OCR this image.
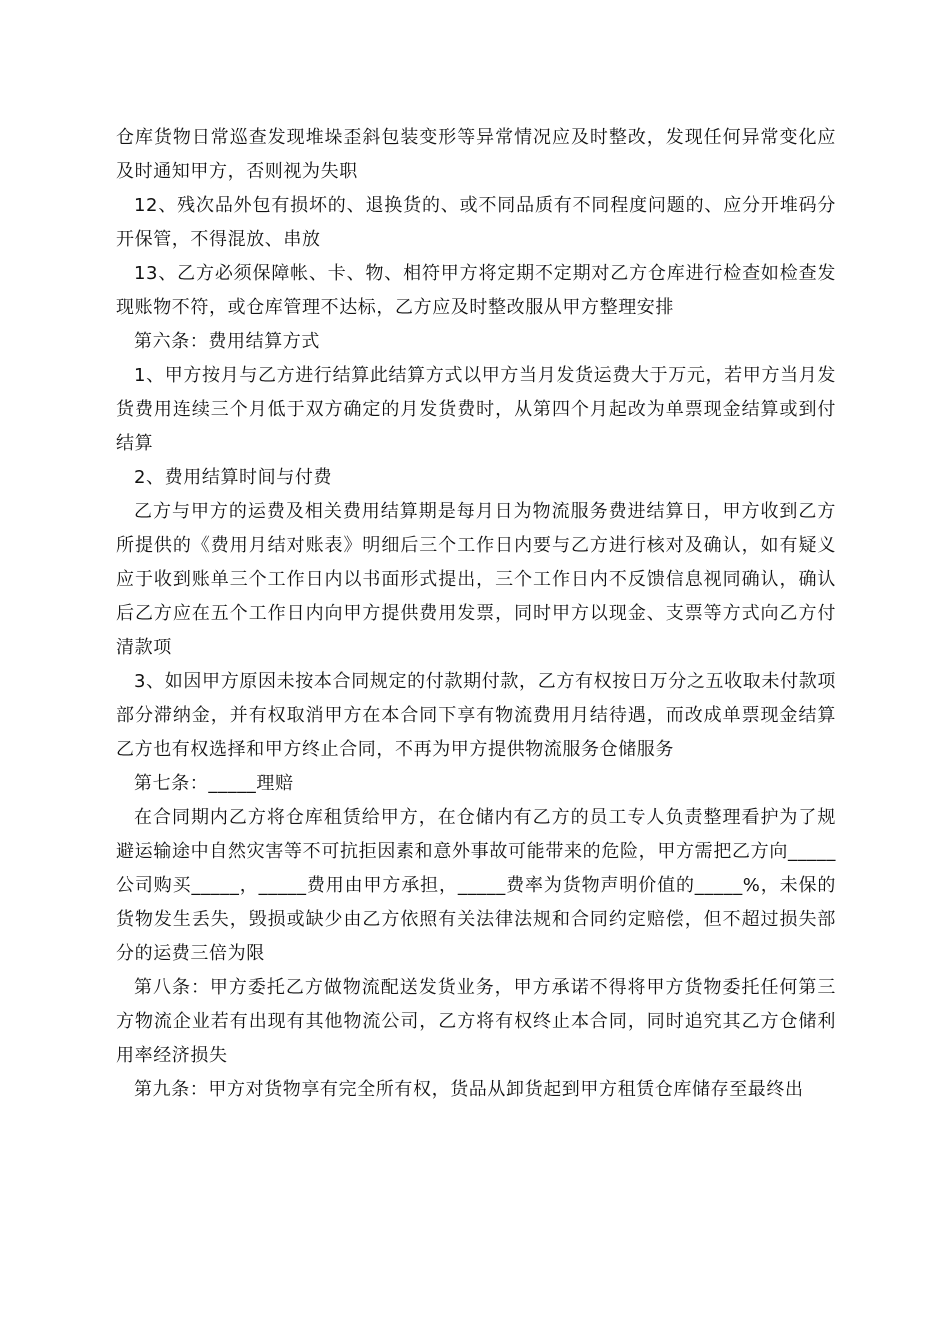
仓库货物日常巡查发现堆垛歪斜包装变形等异常情况应及时整改，发现任何异常变化应及时通知甲方，否则视为失职

12、残次品外包有损坏的、退换货的、或不同品质有不同程度问题的、应分开堆码分开保管，不得混放、串放

13、乙方必须保障帐、卡、物、相符甲方将定期不定期对乙方仓库进行检查如检查发现账物不符，或仓库管理不达标，乙方应及时整改服从甲方整理安排

第六条：费用结算方式

1、甲方按月与乙方进行结算此结算方式以甲方当月发货运费大于万元，若甲方当月发货费用连续三个月低于双方确定的月发货费时，从第四个月起改为单票现金结算或到付结算

2、费用结算时间与付费

乙方与甲方的运费及相关费用结算期是每月日为物流服务费进结算日，甲方收到乙方所提供的《费用月结对账表》明细后三个工作日内要与乙方进行核对及确认，如有疑义应于收到账单三个工作日内以书面形式提出，三个工作日内不反馈信息视同确认，确认后乙方应在五个工作日内向甲方提供费用发票，同时甲方以现金、支票等方式向乙方付清款项

3、如因甲方原因未按本合同规定的付款期付款，乙方有权按日万分之五收取未付款项部分滞纳金，并有权取消甲方在本合同下享有物流费用月结待遇，而改成单票现金结算乙方也有权选择和甲方终止合同，不再为甲方提供物流服务仓储服务

第七条：_____理赔

在合同期内乙方将仓库租赁给甲方，在仓储内有乙方的员工专人负责整理看护为了规避运输途中自然灾害等不可抗拒因素和意外事故可能带来的危险，甲方需把乙方向_____公司购买_____，_____费用由甲方承担，_____费率为货物声明价值的_____%，未保的货物发生丢失，毁损或缺少由乙方依照有关法律法规和合同约定赔偿，但不超过损失部分的运费三倍为限

第八条：甲方委托乙方做物流配送发货业务，甲方承诺不得将甲方货物委托任何第三方物流企业若有出现有其他物流公司，乙方将有权终止本合同，同时追究其乙方仓储利用率经济损失

第九条：甲方对货物享有完全所有权，货品从卸货起到甲方租赁仓库储存至最终出
